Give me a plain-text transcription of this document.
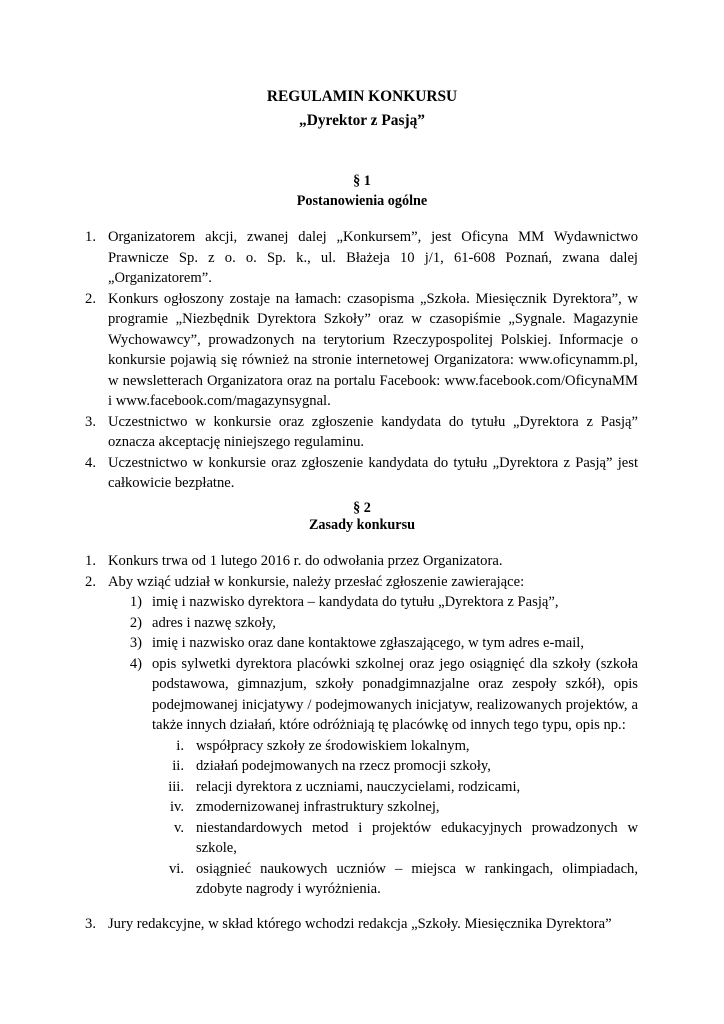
REGULAMIN KONKURSU
„Dyrektor z Pasją”
§ 1
Postanowienia ogólne
1. Organizatorem akcji, zwanej dalej „Konkursem”, jest Oficyna MM Wydawnictwo
Prawnicze Sp. z o. o. Sp. k., ul. Błażeja 10 j/1, 61-608 Poznań, zwana dalej
„Organizatorem”.
2. Konkurs ogłoszony zostaje na łamach: czasopisma „Szkoła. Miesięcznik Dyrektora”, w
programie „Niezbędnik Dyrektora Szkoły” oraz w czasopiśmie „Sygnale. Magazynie
Wychowawcy”, prowadzonych na terytorium Rzeczypospolitej Polskiej. Informacje o
konkursie pojawią się również na stronie internetowej Organizatora: www.oficynamm.pl,
w newsletterach Organizatora oraz na portalu Facebook: www.facebook.com/OficynaMM
i www.facebook.com/magazynsygnal.
3. Uczestnictwo w konkursie oraz zgłoszenie kandydata do tytułu „Dyrektora z Pasją”
oznacza akceptację niniejszego regulaminu.
4. Uczestnictwo w konkursie oraz zgłoszenie kandydata do tytułu „Dyrektora z Pasją” jest
całkowicie bezpłatne.
§ 2
Zasady konkursu
1. Konkurs trwa od 1 lutego 2016 r. do odwołania przez Organizatora.
2. Aby wziąć udział w konkursie, należy przesłać zgłoszenie zawierające:
1) imię i nazwisko dyrektora – kandydata do tytułu „Dyrektora z Pasją”,
2) adres i nazwę szkoły,
3) imię i nazwisko oraz dane kontaktowe zgłaszającego, w tym adres e-mail,
4) opis sylwetki dyrektora placówki szkolnej oraz jego osiągnięć dla szkoły (szkoła
podstawowa, gimnazjum, szkoły ponadgimnazjalne oraz zespoły szkół), opis
podejmowanej inicjatywy / podejmowanych inicjatyw, realizowanych projektów, a
także innych działań, które odróżniają tę placówkę od innych tego typu, opis np.:
i. współpracy szkoły ze środowiskiem lokalnym,
ii. działań podejmowanych na rzecz promocji szkoły,
iii. relacji dyrektora z uczniami, nauczycielami, rodzicami,
iv. zmodernizowanej infrastruktury szkolnej,
v. niestandardowych metod i projektów edukacyjnych prowadzonych w
szkole,
vi. osiągnieć naukowych uczniów – miejsca w rankingach, olimpiadach,
zdobyte nagrody i wyróżnienia.
3. Jury redakcyjne, w skład którego wchodzi redakcja „Szkoły. Miesięcznika Dyrektora”
